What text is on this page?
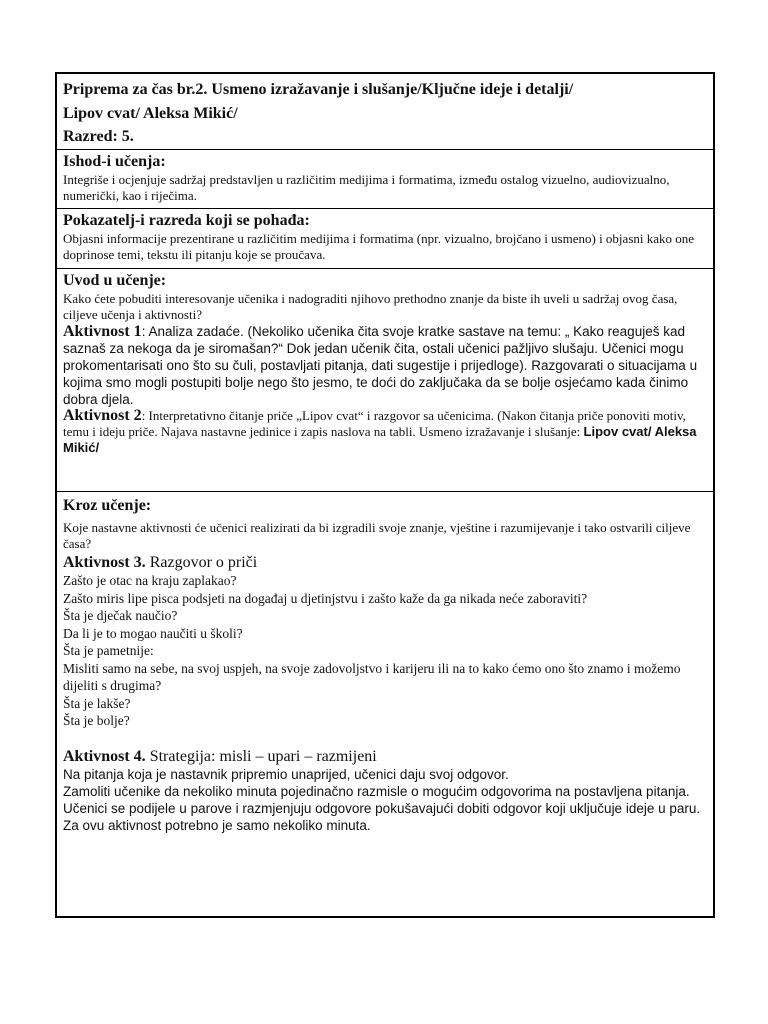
Priprema za čas br.2. Usmeno izražavanje i slušanje/Ključne ideje i detalji/
Lipov cvat/ Aleksa Mikić/
Razred: 5.
Ishod-i učenja:
Integriše i ocjenjuje sadržaj predstavljen u različitim medijima i formatima, između ostalog vizuelno, audiovizualno, numerički, kao i riječima.
Pokazatelj-i razreda koji se pohađa:
Objasni informacije prezentirane u različitim medijima i formatima (npr. vizualno, brojčano i usmeno) i objasni kako one doprinose temi, tekstu ili pitanju koje se proučava.
Uvod u učenje:
Kako ćete pobuditi interesovanje učenika i nadograditi njihovo prethodno znanje da biste ih uveli u sadržaj ovog časa, ciljeve učenja i aktivnosti?

Aktivnost 1: Analiza zadaće. (Nekoliko učenika čita svoje kratke sastave na temu: „ Kako reaguješ kad saznaš za nekoga da je siromašan?“ Dok jedan učenik čita, ostali učenici pažljivo slušaju. Učenici mogu prokomentarisati ono što su čuli, postavljati pitanja, dati sugestije i prijedloge). Razgovarati o situacijama u kojima smo mogli postupiti bolje nego što jesmo, te doći do zaključaka da se bolje osjećamo kada činimo dobra djela.

Aktivnost 2: Interpretativno čitanje priče „Lipov cvat“ i razgovor sa učenicima. (Nakon čitanja priče ponoviti motiv, temu i ideju priče. Najava nastavne jedinice i zapis naslova na tabli. Usmeno izražavanje i slušanje: Lipov cvat/ Aleksa Mikić/

Kroz učenje:
Koje nastavne aktivnosti će učenici realizirati da bi izgradili svoje znanje, vještine i razumijevanje i tako ostvarili ciljeve časa?
Aktivnost 3. Razgovor o priči
Zašto je otac na kraju zaplakao?
Zašto miris lipe pisca podsjeti na događaj u djetinjstvu i zašto kaže da ga nikada neće zaboraviti?
Šta je dječak naučio?
Da li je to mogao naučiti u školi?
Šta je pametnije:
Misliti samo na sebe, na svoj uspjeh, na svoje zadovoljstvo i karijeru ili na to kako ćemo ono što znamo i možemo dijeliti s drugima?
Šta je lakše?
Šta je bolje?
Aktivnost 4. Strategija: misli – upari – razmijeni
Na pitanja koja je nastavnik pripremio unaprijed, učenici daju svoj odgovor.
Zamoliti učenike da nekoliko minuta pojedinačno razmisle o mogućim odgovorima na postavljena pitanja.
Učenici se podijele u parove i razmjenjuju odgovore pokušavajući dobiti odgovor koji uključuje ideje u paru. Za ovu aktivnost potrebno je samo nekoliko minuta.
